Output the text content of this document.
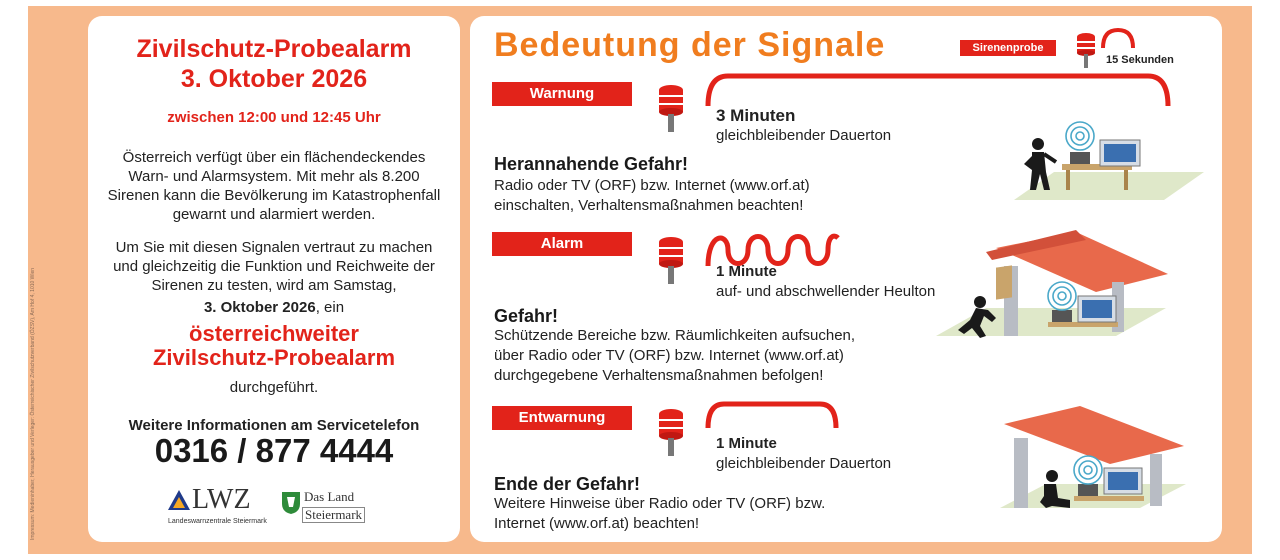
Impressum: Medieninhaber, Herausgeber und Verleger: Österreichischer Zivilschutzverband (ÖZSV), Am Hof 4, 1010 Wien
Zivilschutz-Probealarm
3. Oktober 2026
zwischen 12:00 und 12:45 Uhr
Österreich verfügt über ein flächendeckendes Warn- und Alarmsystem. Mit mehr als 8.200 Sirenen kann die Bevölkerung im Katastrophenfall gewarnt und alarmiert werden.
Um Sie mit diesen Signalen vertraut zu machen und gleichzeitig die Funktion und Reichweite der Sirenen zu testen, wird am Samstag,
3. Oktober 2026, ein
österreichweiter
Zivilschutz-Probealarm
durchgeführt.
Weitere Informationen am Servicetelefon
0316 / 877 4444
LWZ
Landeswarnzentrale Steiermark
Das Land
Steiermark
Bedeutung der Signale	Sirenenprobe
15 Sekunden
Warnung
3 Minuten
gleichbleibender Dauerton
Herannahende Gefahr!
Radio oder TV (ORF) bzw. Internet (www.orf.at)
einschalten, Verhaltensmaßnahmen beachten!
Alarm
1 Minute
auf- und abschwellender Heulton
Gefahr!
Schützende Bereiche bzw. Räumlichkeiten aufsuchen,
über Radio oder TV (ORF) bzw. Internet (www.orf.at)
durchgegebene Verhaltensmaßnahmen befolgen!
Entwarnung
1 Minute
gleichbleibender Dauerton
Ende der Gefahr!
Weitere Hinweise über Radio oder TV (ORF) bzw.
Internet (www.orf.at) beachten!
